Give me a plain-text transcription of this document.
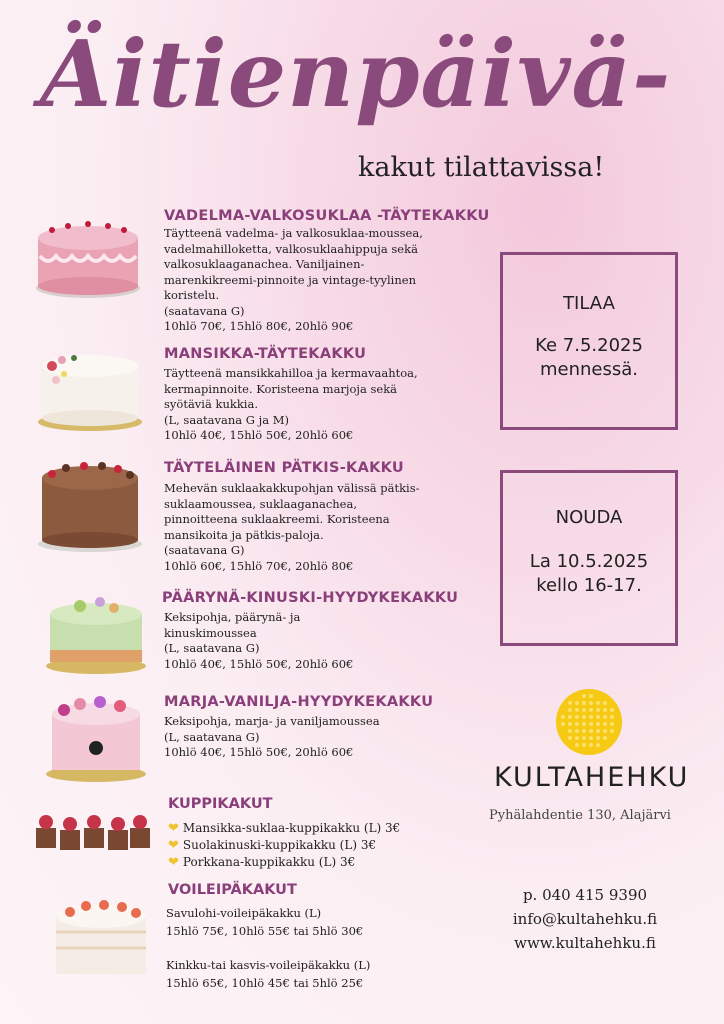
Äitienpäivä-
kakut tilattavissa!
VADELMA-VALKOSUKLAA -TÄYTEKAKKU
Täytteenä vadelma- ja valkosuklaa-moussea,
vadelmahilloketta, valkosuklaahippuja sekä
valkosuklaaganachea. Vaniljainen-
marenkikreemi-pinnoite ja vintage-tyylinen
koristelu.
(saatavana G)
10hlö 70€, 15hlö 80€, 20hlö 90€
MANSIKKA-TÄYTEKAKKU
Täytteenä mansikkahilloa ja kermavaahtoa,
kermapinnoite. Koristeena marjoja sekä
syötäviä kukkia.
(L, saatavana G ja M)
10hlö 40€, 15hlö 50€, 20hlö 60€
TÄYTELÄINEN PÄTKIS-KAKKU
Mehevän suklaakakkupohjan välissä pätkis-
suklaamoussea, suklaaganachea,
pinnoitteena suklaakreemi. Koristeena
mansikoita ja pätkis-paloja.
(saatavana G)
10hlö 60€, 15hlö 70€, 20hlö 80€
PÄÄRYNÄ-KINUSKI-HYYDYKEKAKKU
Keksipohja, päärynä- ja
kinuskimoussea
(L, saatavana G)
10hlö 40€, 15hlö 50€, 20hlö 60€
MARJA-VANILJA-HYYDYKEKAKKU
Keksipohja, marja- ja vaniljamoussea
(L, saatavana G)
10hlö 40€, 15hlö 50€, 20hlö 60€
KUPPIKAKUT
❤ Mansikka-suklaa-kuppikakku (L) 3€
❤ Suolakinuski-kuppikakku (L) 3€
❤ Porkkana-kuppikakku (L) 3€
VOILEIPÄKAKUT
Savulohi-voileipäkakku (L)
15hlö 75€, 10hlö 55€ tai 5hlö 30€
Kinkku-tai kasvis-voileipäkakku (L)
15hlö 65€, 10hlö 45€ tai 5hlö 25€
TILAA
Ke 7.5.2025
mennessä.
NOUDA
La 10.5.2025
kello 16-17.
KULTAHEHKU
Pyhälahdentie 130, Alajärvi
p. 040 415 9390
info@kultahehku.fi
www.kultahehku.fi
